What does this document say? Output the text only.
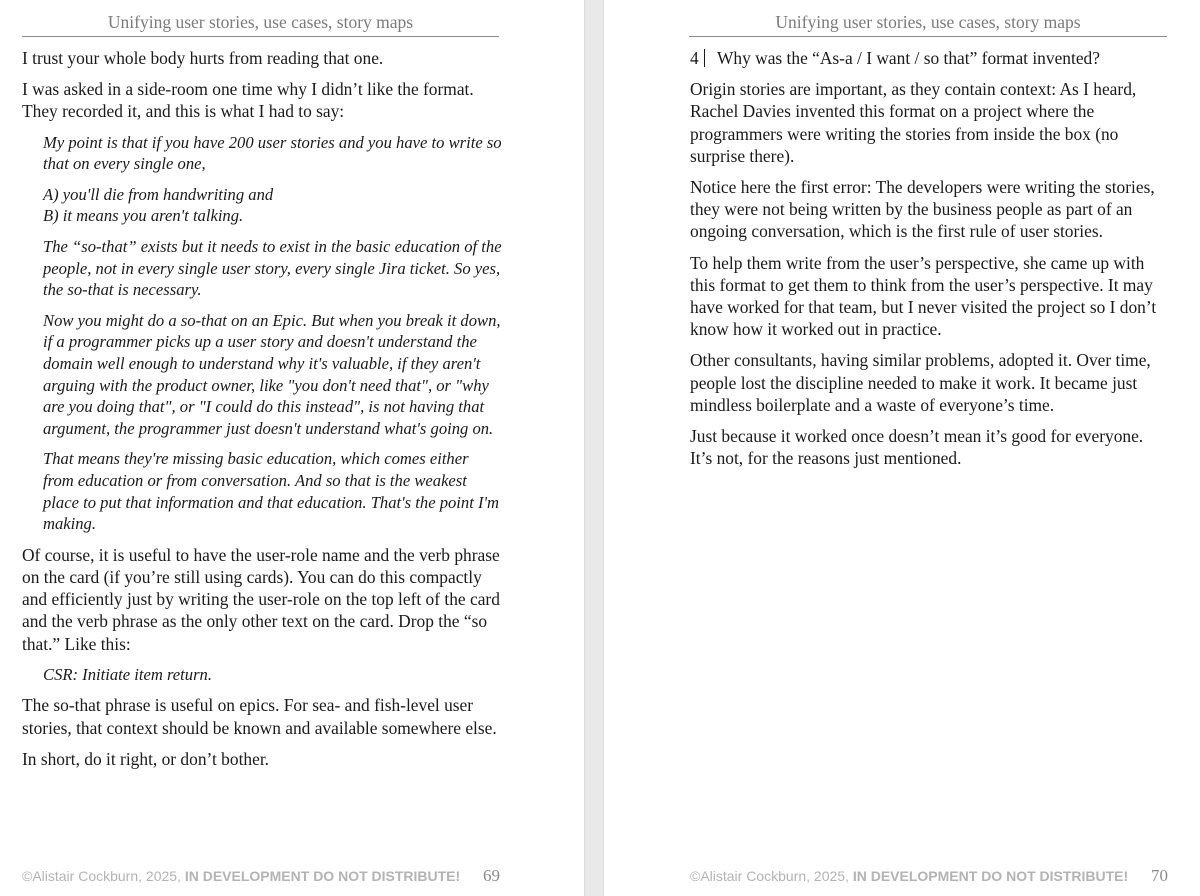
Unifying user stories, use cases, story maps

I trust your whole body hurts from reading that one.

I was asked in a side-room one time why I didn’t like the format. They recorded it, and this is what I had to say:

My point is that if you have 200 user stories and you have to write so that on every single one,

A) you'll die from handwriting and
B) it means you aren't talking.

The “so-that” exists but it needs to exist in the basic education of the people, not in every single user story, every single Jira ticket. So yes, the so-that is necessary.

Now you might do a so-that on an Epic. But when you break it down, if a programmer picks up a user story and doesn't understand the domain well enough to understand why it's valuable, if they aren't arguing with the product owner, like "you don't need that", or "why are you doing that", or "I could do this instead", is not having that argument, the programmer just doesn't understand what's going on.

That means they're missing basic education, which comes either from education or from conversation. And so that is the weakest place to put that information and that education. That's the point I'm making.

Of course, it is useful to have the user-role name and the verb phrase on the card (if you’re still using cards). You can do this compactly and efficiently just by writing the user-role on the top left of the card and the verb phrase as the only other text on the card. Drop the “so that.” Like this:

CSR: Initiate item return.

The so-that phrase is useful on epics. For sea- and fish-level user stories, that context should be known and available somewhere else.

In short, do it right, or don’t bother.

©Alistair Cockburn, 2025, IN DEVELOPMENT DO NOT DISTRIBUTE! 69
Unifying user stories, use cases, story maps

4 Why was the “As-a / I want / so that” format invented?

Origin stories are important, as they contain context: As I heard, Rachel Davies invented this format on a project where the programmers were writing the stories from inside the box (no surprise there).

Notice here the first error: The developers were writing the stories, they were not being written by the business people as part of an ongoing conversation, which is the first rule of user stories.

To help them write from the user’s perspective, she came up with this format to get them to think from the user’s perspective. It may have worked for that team, but I never visited the project so I don’t know how it worked out in practice.

Other consultants, having similar problems, adopted it. Over time, people lost the discipline needed to make it work. It became just mindless boilerplate and a waste of everyone’s time.

Just because it worked once doesn’t mean it’s good for everyone. It’s not, for the reasons just mentioned.

©Alistair Cockburn, 2025, IN DEVELOPMENT DO NOT DISTRIBUTE! 70
